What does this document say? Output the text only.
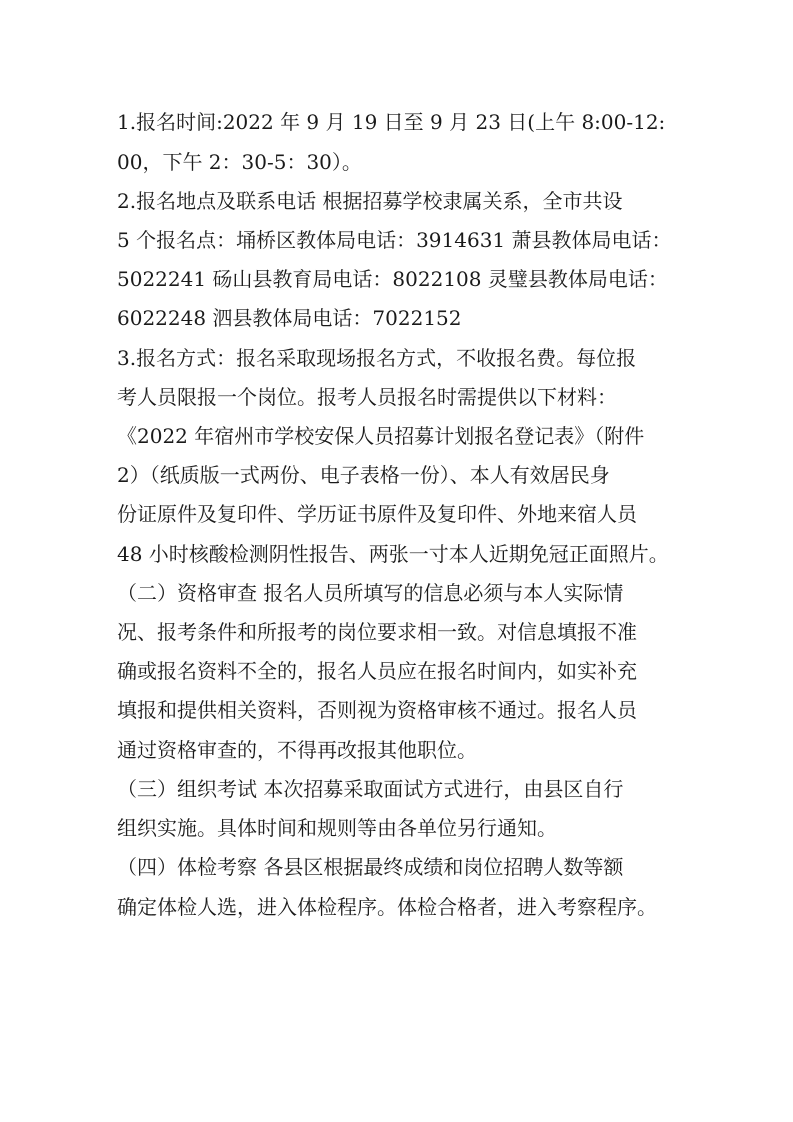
1.报名时间:2022 年 9 月 19 日至 9 月 23 日(上午 8:00-12:
00，下午 2：30-5：30）。
2.报名地点及联系电话 根据招募学校隶属关系，全市共设
5 个报名点：埇桥区教体局电话：3914631 萧县教体局电话：
5022241 砀山县教育局电话：8022108 灵璧县教体局电话：
6022248 泗县教体局电话：7022152
3.报名方式：报名采取现场报名方式，不收报名费。每位报
考人员限报一个岗位。报考人员报名时需提供以下材料：
《2022 年宿州市学校安保人员招募计划报名登记表》（附件
2）（纸质版一式两份、电子表格一份）、本人有效居民身
份证原件及复印件、学历证书原件及复印件、外地来宿人员
48 小时核酸检测阴性报告、两张一寸本人近期免冠正面照片。
（二）资格审查 报名人员所填写的信息必须与本人实际情
况、报考条件和所报考的岗位要求相一致。对信息填报不准
确或报名资料不全的，报名人员应在报名时间内，如实补充
填报和提供相关资料，否则视为资格审核不通过。报名人员
通过资格审查的，不得再改报其他职位。
（三）组织考试 本次招募采取面试方式进行，由县区自行
组织实施。具体时间和规则等由各单位另行通知。
（四）体检考察 各县区根据最终成绩和岗位招聘人数等额
确定体检人选，进入体检程序。体检合格者，进入考察程序。
